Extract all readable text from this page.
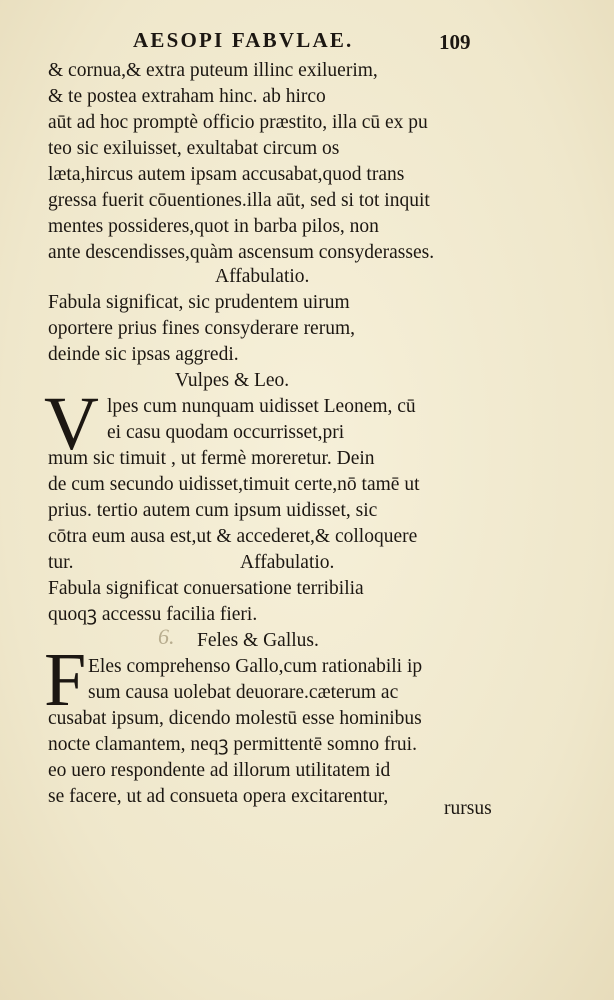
AESOPI FABVLAE.	109
& cornua,& extra puteum illinc exiluerim,
& te postea extraham hinc. ab hirco
aūt ad hoc promptè officio præstito, illa cū ex pu
teo sic exiluisset, exultabat circum os
læta,hircus autem ipsam accusabat,quod trans
gressa fuerit cōuentiones.illa aūt, sed si tot inquit
mentes possideres,quot in barba pilos, non
ante descendisses,quàm ascensum consyderasses.
Affabulatio.
Fabula significat, sic prudentem uirum
oportere prius fines consyderare rerum,
deinde sic ipsas aggredi.
Vulpes & Leo.
V lpes cum nunquam uidisset Leonem, cū
ei casu quodam occurrisset,pri
mum sic timuit , ut fermè moreretur. Dein
de cum secundo uidisset,timuit certe,nō tamē ut
prius. tertio autem cum ipsum uidisset, sic
cōtra eum ausa est,ut & accederet,& colloquere
tur.	Affabulatio.
Fabula significat conuersatione terribilia
quoqꝫ accessu facilia fieri.
6. Feles & Gallus.
F Eles comprehenso Gallo,cum rationabili ip
sum causa uolebat deuorare.cæterum ac
cusabat ipsum, dicendo molestū esse hominibus
nocte clamantem, neqꝫ permittentē somno frui.
eo uero respondente ad illorum utilitatem id
se facere, ut ad consueta opera excitarentur,
rursus
